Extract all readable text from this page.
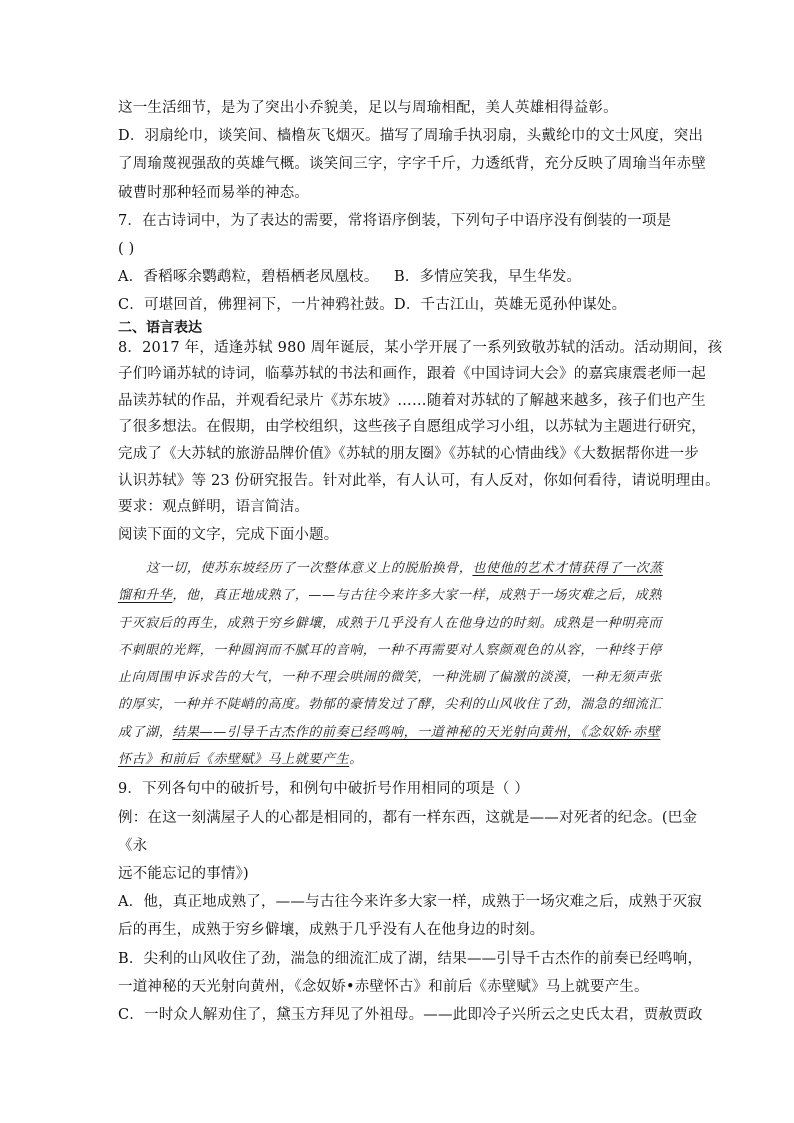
这一生活细节，是为了突出小乔貌美，足以与周瑜相配，美人英雄相得益彰。
D．羽扇纶巾，谈笑间、樯橹灰飞烟灭。描写了周瑜手执羽扇，头戴纶巾的文士风度，突出
了周瑜蔑视强敌的英雄气概。谈笑间三字，字字千斤，力透纸背，充分反映了周瑜当年赤壁
破曹时那种轻而易举的神态。
7．在古诗词中，为了表达的需要，常将语序倒装，下列句子中语序没有倒装的一项是
( )
A．香稻啄余鹦鹉粒，碧梧栖老凤凰枝。 B．多情应笑我，早生华发。
C．可堪回首，佛狸祠下，一片神鸦社鼓。D．千古江山，英雄无觅孙仲谋处。
二、语言表达
8．2017 年，适逢苏轼 980 周年诞辰，某小学开展了一系列致敬苏轼的活动。活动期间，孩
子们吟诵苏轼的诗词，临摹苏轼的书法和画作，跟着《中国诗词大会》的嘉宾康震老师一起
品读苏轼的作品，并观看纪录片《苏东坡》……随着对苏轼的了解越来越多，孩子们也产生
了很多想法。在假期，由学校组织，这些孩子自愿组成学习小组，以苏轼为主题进行研究，
完成了《大苏轼的旅游品牌价值》《苏轼的朋友圈》《苏轼的心情曲线》《大数据帮你进一步
认识苏轼》等 23 份研究报告。针对此举，有人认可，有人反对，你如何看待，请说明理由。
要求：观点鲜明，语言简洁。
阅读下面的文字，完成下面小题。
这一切，使苏东坡经历了一次整体意义上的脱胎换骨，也使他的艺术才情获得了一次蒸
馏和升华，他，真正地成熟了，——与古往今来许多大家一样，成熟于一场灾难之后，成熟
于灭寂后的再生，成熟于穷乡僻壤，成熟于几乎没有人在他身边的时刻。成熟是一种明亮而
不刺眼的光辉，一种圆润而不腻耳的音响，一种不再需要对人察颜观色的从容，一种终于停
止向周围申诉求告的大气，一种不理会哄闹的微笑，一种洗刷了偏激的淡漠，一种无须声张
的厚实，一种并不陡峭的高度。勃郁的豪情发过了酵，尖利的山风收住了劲，湍急的细流汇
成了湖，结果——引导千古杰作的前奏已经鸣响，一道神秘的天光射向黄州，《念奴娇·赤壁
怀古》和前后《赤壁赋》马上就要产生。
9．下列各句中的破折号，和例句中破折号作用相同的项是（ ）
例：在这一刻满屋子人的心都是相同的，都有一样东西，这就是——对死者的纪念。(巴金
《永
远不能忘记的事情》)
A．他，真正地成熟了，——与古往今来许多大家一样，成熟于一场灾难之后，成熟于灭寂
后的再生，成熟于穷乡僻壤，成熟于几乎没有人在他身边的时刻。
B．尖利的山风收住了劲，湍急的细流汇成了湖，结果——引导千古杰作的前奏已经鸣响，
一道神秘的天光射向黄州，《念奴娇•赤壁怀古》和前后《赤壁赋》马上就要产生。
C．一时众人解劝住了，黛玉方拜见了外祖母。——此即冷子兴所云之史氏太君，贾赦贾政
